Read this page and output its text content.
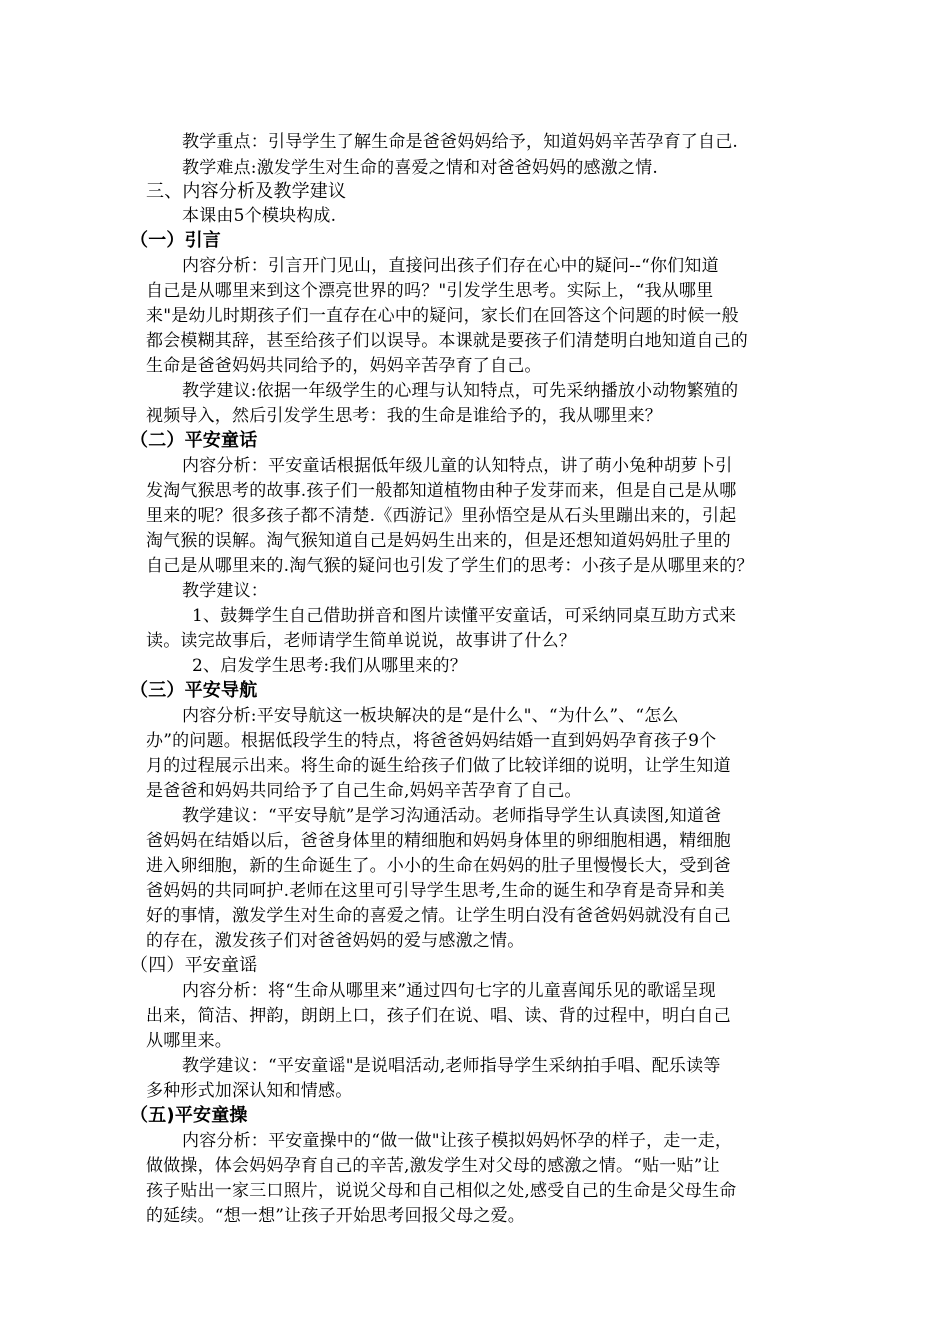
教学重点：引导学生了解生命是爸爸妈妈给予，知道妈妈辛苦孕育了自己.
教学难点:激发学生对生命的喜爱之情和对爸爸妈妈的感激之情.
三、内容分析及教学建议
本课由5个模块构成.
（一）引言
内容分析：引言开门见山，直接问出孩子们存在心中的疑问--“你们知道
自己是从哪里来到这个漂亮世界的吗？"引发学生思考。实际上，“我从哪里
来"是幼儿时期孩子们一直存在心中的疑问，家长们在回答这个问题的时候一般
都会模糊其辞，甚至给孩子们以误导。本课就是要孩子们清楚明白地知道自己的
生命是爸爸妈妈共同给予的，妈妈辛苦孕育了自己。
教学建议:依据一年级学生的心理与认知特点，可先采纳播放小动物繁殖的
视频导入，然后引发学生思考：我的生命是谁给予的，我从哪里来？
（二）平安童话
内容分析：平安童话根据低年级儿童的认知特点，讲了萌小兔种胡萝卜引
发淘气猴思考的故事.孩子们一般都知道植物由种子发芽而来，但是自己是从哪
里来的呢？很多孩子都不清楚.《西游记》里孙悟空是从石头里蹦出来的，引起
淘气猴的误解。淘气猴知道自己是妈妈生出来的，但是还想知道妈妈肚子里的
自己是从哪里来的.淘气猴的疑问也引发了学生们的思考：小孩子是从哪里来的？
教学建议：
1、鼓舞学生自己借助拼音和图片读懂平安童话，可采纳同桌互助方式来
读。读完故事后，老师请学生简单说说，故事讲了什么？
2、启发学生思考:我们从哪里来的？
（三）平安导航
内容分析:平安导航这一板块解决的是“是什么"、“为什么”、“怎么
办”的问题。根据低段学生的特点，将爸爸妈妈结婚一直到妈妈孕育孩子9个
月的过程展示出来。将生命的诞生给孩子们做了比较详细的说明，让学生知道
是爸爸和妈妈共同给予了自己生命,妈妈辛苦孕育了自己。
教学建议：“平安导航”是学习沟通活动。老师指导学生认真读图,知道爸
爸妈妈在结婚以后，爸爸身体里的精细胞和妈妈身体里的卵细胞相遇，精细胞
进入卵细胞，新的生命诞生了。小小的生命在妈妈的肚子里慢慢长大，受到爸
爸妈妈的共同呵护.老师在这里可引导学生思考,生命的诞生和孕育是奇异和美
好的事情，激发学生对生命的喜爱之情。让学生明白没有爸爸妈妈就没有自己
的存在，激发孩子们对爸爸妈妈的爱与感激之情。
（四）平安童谣
内容分析：将“生命从哪里来”通过四句七字的儿童喜闻乐见的歌谣呈现
出来，简洁、押韵，朗朗上口，孩子们在说、唱、读、背的过程中，明白自己
从哪里来。
教学建议：“平安童谣"是说唱活动,老师指导学生采纳拍手唱、配乐读等
多种形式加深认知和情感。
（五)平安童操
内容分析：平安童操中的“做一做"让孩子模拟妈妈怀孕的样子，走一走，
做做操，体会妈妈孕育自己的辛苦,激发学生对父母的感激之情。“贴一贴”让
孩子贴出一家三口照片，说说父母和自己相似之处,感受自己的生命是父母生命
的延续。“想一想”让孩子开始思考回报父母之爱。
